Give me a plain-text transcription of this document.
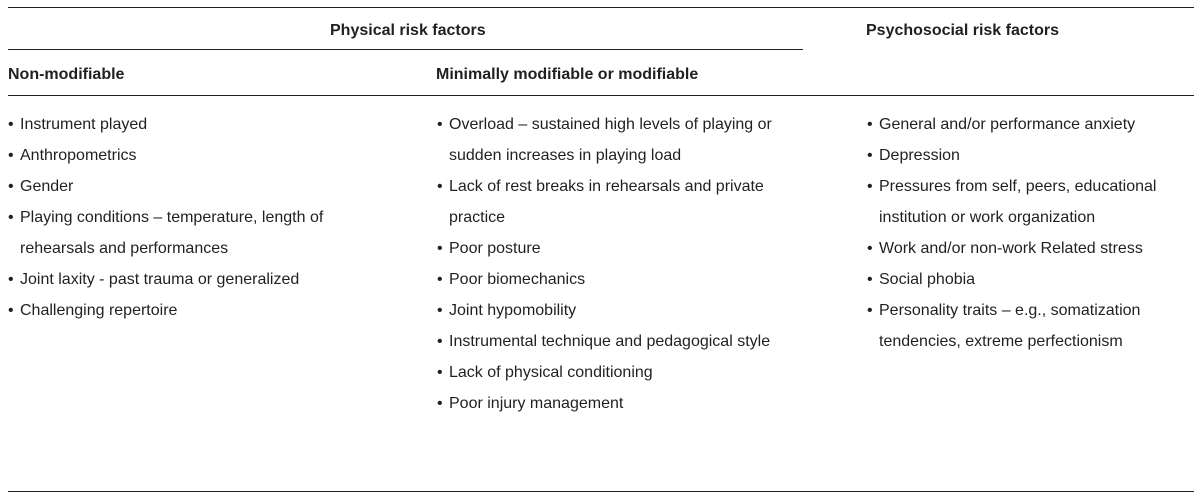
Physical risk factors	Psychosocial risk factors
Non-modifiable	Minimally modifiable or modifiable
• Instrument played
• Anthropometrics
• Gender
• Playing conditions – temperature, length of rehearsals and performances
• Joint laxity - past trauma or generalized
• Challenging repertoire
• Overload – sustained high levels of playing or sudden increases in playing load
• Lack of rest breaks in rehearsals and private practice
• Poor posture
• Poor biomechanics
• Joint hypomobility
• Instrumental technique and pedagogical style
• Lack of physical conditioning
• Poor injury management
• General and/or performance anxiety
• Depression
• Pressures from self, peers, educational institution or work organization
• Work and/or non-work Related stress
• Social phobia
• Personality traits – e.g., somatization tendencies, extreme perfectionism
